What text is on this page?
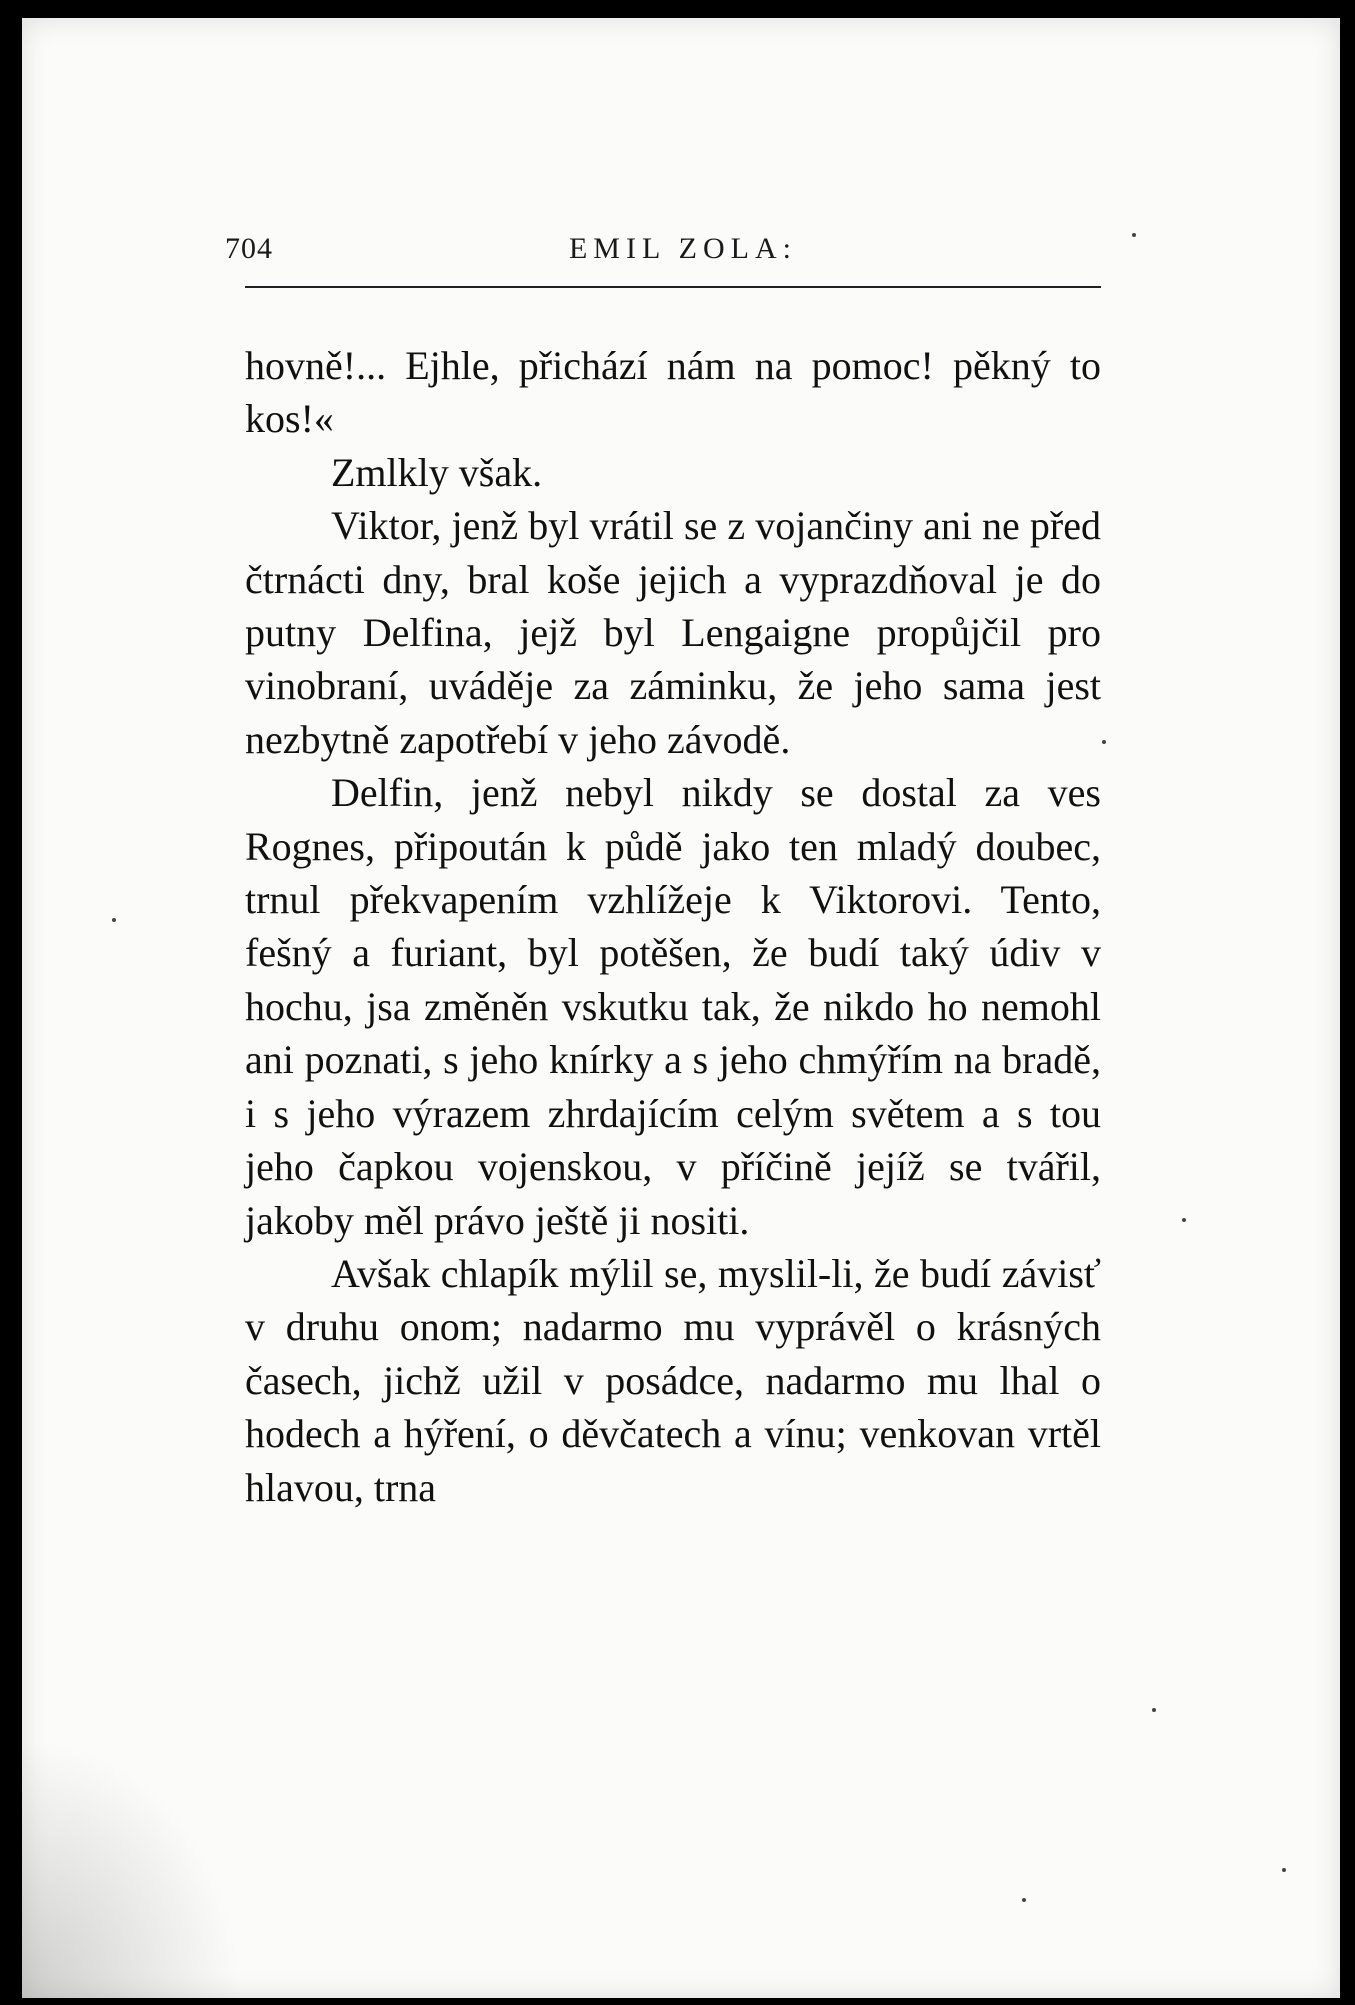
704	EMIL ZOLA:

hovně!... Ejhle, přichází nám na pomoc! pěkný to kos!«

Zmlkly však.

Viktor, jenž byl vrátil se z vojančiny ani ne před čtrnácti dny, bral koše jejich a vyprazdňoval je do putny Delfina, jejž byl Lengaigne propůjčil pro vinobraní, uváděje za záminku, že jeho sama jest nezbytně zapotřebí v jeho závodě.

Delfin, jenž nebyl nikdy se dostal za ves Rognes, připoután k půdě jako ten mladý doubec, trnul překvapením vzhlížeje k Viktorovi. Tento, fešný a furiant, byl potěšen, že budí taký údiv v hochu, jsa změněn vskutku tak, že nikdo ho nemohl ani poznati, s jeho knírky a s jeho chmýřím na bradě, i s jeho výrazem zhrdajícím celým světem a s tou jeho čapkou vojenskou, v příčině jejíž se tvářil, jakoby měl právo ještě ji nositi.

Avšak chlapík mýlil se, myslil-li, že budí závisť v druhu onom; nadarmo mu vyprávěl o krásných časech, jichž užil v posádce, nadarmo mu lhal o hodech a hýření, o děvčatech a vínu; venkovan vrtěl hlavou, trna
